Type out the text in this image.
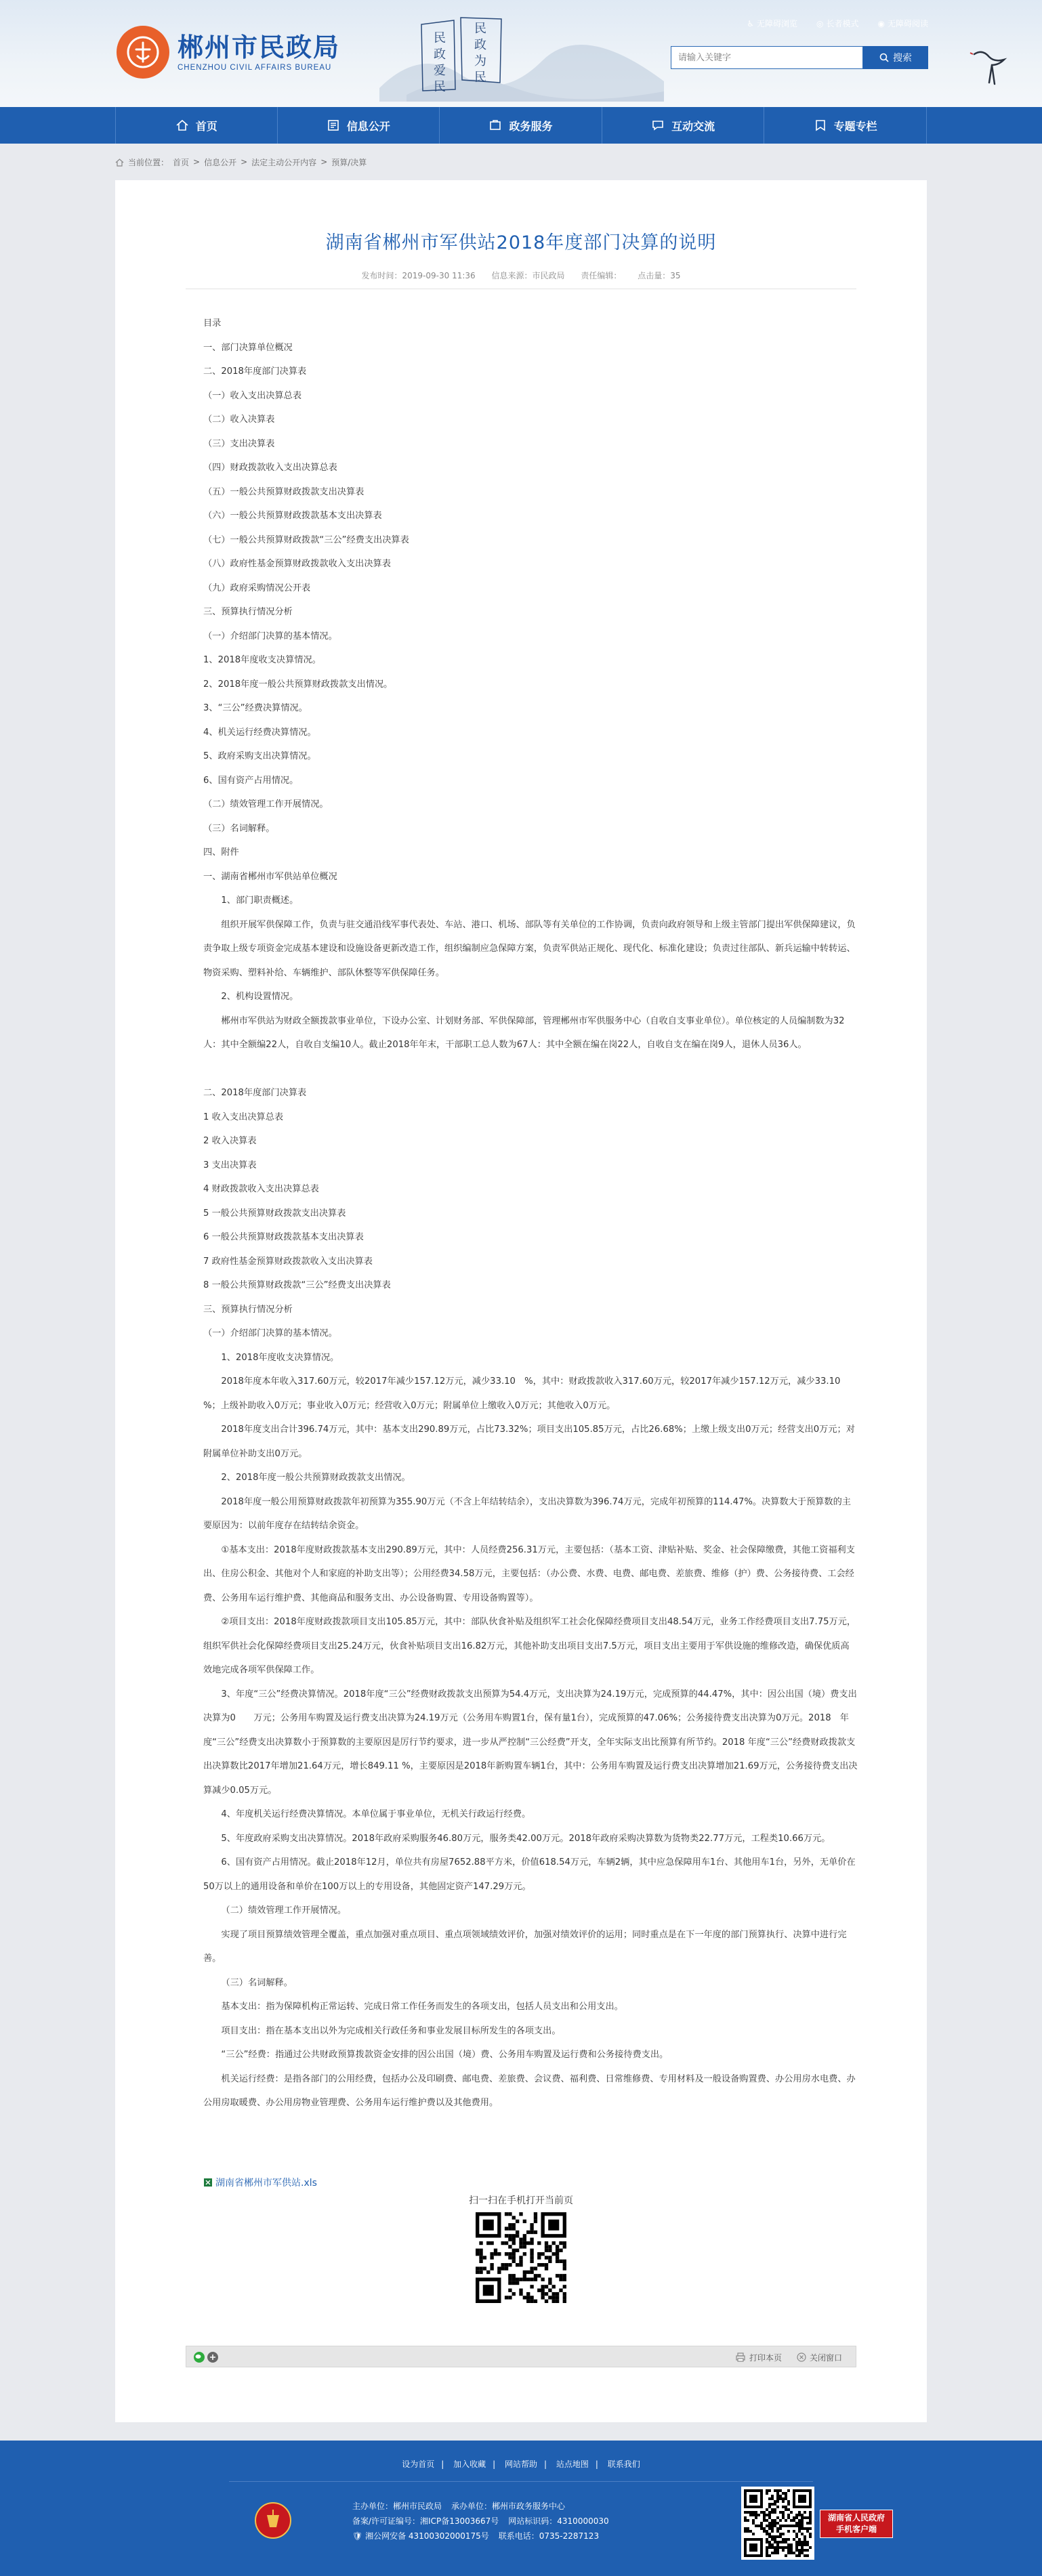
郴州市民政局
CHENZHOU CIVIL AFFAIRS BUREAU	民政为民
民政爱民
♿ 无障碍浏览 ◎ 长者模式 ◉ 无障碍阅读
请输入关键字
搜索
首页	信息公开	政务服务	互动交流	专题专栏
当前位置： 首页 > 信息公开 > 法定主动公开内容 > 预算/决算
湖南省郴州市军供站2018年度部门决算的说明
发布时间：2019-09-30 11:36 信息来源：市民政局 责任编辑： 点击量：35

目录

一、部门决算单位概况

二、2018年度部门决算表

（一）收入支出决算总表

（二）收入决算表

（三）支出决算表

（四）财政拨款收入支出决算总表

（五）一般公共预算财政拨款支出决算表

（六）一般公共预算财政拨款基本支出决算表

（七）一般公共预算财政拨款“三公”经费支出决算表

（八）政府性基金预算财政拨款收入支出决算表

（九）政府采购情况公开表

三、预算执行情况分析

（一）介绍部门决算的基本情况。

1、2018年度收支决算情况。

2、2018年度一般公共预算财政拨款支出情况。

3、“三公”经费决算情况。

4、机关运行经费决算情况。

5、政府采购支出决算情况。

6、国有资产占用情况。

（二）绩效管理工作开展情况。

（三）名词解释。

四、附件

一、湖南省郴州市军供站单位概况

1、部门职责概述。

组织开展军供保障工作，负责与驻交通沿线军事代表处、车站、港口、机场、部队等有关单位的工作协调，负责向政府领导和上级主管部门提出军供保障建议，负责争取上级专项资金完成基本建设和设施设备更新改造工作，组织编制应急保障方案，负责军供站正规化、现代化、标准化建设；负责过往部队、新兵运输中转转运、物资采购、塑料补给、车辆维护、部队休整等军供保障任务。

2、机构设置情况。

郴州市军供站为财政全额拨款事业单位，下设办公室、计划财务部、军供保障部，管理郴州市军供服务中心（自收自支事业单位）。单位核定的人员编制数为32人：其中全额编22人，自收自支编10人。截止2018年年末，干部职工总人数为67人：其中全额在编在岗22人，自收自支在编在岗9人，退休人员36人。

二、2018年度部门决算表

1 收入支出决算总表

2 收入决算表

3 支出决算表

4 财政拨款收入支出决算总表

5 一般公共预算财政拨款支出决算表

6 一般公共预算财政拨款基本支出决算表

7 政府性基金预算财政拨款收入支出决算表

8 一般公共预算财政拨款“三公”经费支出决算表

三、预算执行情况分析

（一）介绍部门决算的基本情况。

1、2018年度收支决算情况。

2018年度本年收入317.60万元，较2017年减少157.12万元，减少33.10　%，其中：财政拨款收入317.60万元，较2017年减少157.12万元，减少33.10 %；上级补助收入0万元；事业收入0万元；经营收入0万元；附属单位上缴收入0万元；其他收入0万元。

2018年度支出合计396.74万元，其中：基本支出290.89万元，占比73.32%；项目支出105.85万元，占比26.68%；上缴上级支出0万元；经营支出0万元；对附属单位补助支出0万元。

2、2018年度一般公共预算财政拨款支出情况。

2018年度一般公用预算财政拨款年初预算为355.90万元（不含上年结转结余），支出决算数为396.74万元，完成年初预算的114.47%。决算数大于预算数的主要原因为：以前年度存在结转结余资金。

①基本支出：2018年度财政拨款基本支出290.89万元，其中：人员经费256.31万元，主要包括：（基本工资、津贴补贴、奖金、社会保障缴费，其他工资福利支出、住房公积金、其他对个人和家庭的补助支出等）；公用经费34.58万元，主要包括：（办公费、水费、电费、邮电费、差旅费、维修（护）费、公务接待费、工会经费、公务用车运行维护费、其他商品和服务支出、办公设备购置、专用设备购置等）。

②项目支出：2018年度财政拨款项目支出105.85万元，其中：部队伙食补贴及组织军工社会化保障经费项目支出48.54万元，业务工作经费项目支出7.75万元，组织军供社会化保障经费项目支出25.24万元，伙食补贴项目支出16.82万元，其他补助支出项目支出7.5万元，项目支出主要用于军供设施的维修改造，确保优质高效地完成各项军供保障工作。

3、年度“三公”经费决算情况。2018年度“三公”经费财政拨款支出预算为54.4万元，支出决算为24.19万元，完成预算的44.47%，其中：因公出国（境）费支出决算为0　　万元；公务用车购置及运行费支出决算为24.19万元（公务用车购置1台，保有量1台），完成预算的47.06%；公务接待费支出决算为0万元。2018　年度“三公”经费支出决算数小于预算数的主要原因是厉行节约要求，进一步从严控制“三公经费”开支，全年实际支出比预算有所节约。2018 年度“三公”经费财政拨款支出决算数比2017年增加21.64万元，增长849.11 %，主要原因是2018年新购置车辆1台，其中：公务用车购置及运行费支出决算增加21.69万元，公务接待费支出决算减少0.05万元。

4、年度机关运行经费决算情况。本单位属于事业单位，无机关行政运行经费。

5、年度政府采购支出决算情况。2018年政府采购服务46.80万元，服务类42.00万元。2018年政府采购决算数为货物类22.77万元，工程类10.66万元。

6、国有资产占用情况。截止2018年12月，单位共有房屋7652.88平方米，价值618.54万元，车辆2辆，其中应急保障用车1台、其他用车1台，另外，无单价在50万以上的通用设备和单价在100万以上的专用设备，其他固定资产147.29万元。

（二）绩效管理工作开展情况。

实现了项目预算绩效管理全覆盖，重点加强对重点项目、重点项领域绩效评价，加强对绩效评价的运用；同时重点是在下一年度的部门预算执行、决算中进行完善。

（三）名词解释。

基本支出：指为保障机构正常运转、完成日常工作任务而发生的各项支出，包括人员支出和公用支出。

项目支出：指在基本支出以外为完成相关行政任务和事业发展目标所发生的各项支出。

“三公”经费：指通过公共财政预算拨款资金安排的因公出国（境）费、公务用车购置及运行费和公务接待费支出。

机关运行经费：是指各部门的公用经费，包括办公及印刷费、邮电费、差旅费、会议费、福利费、日常维修费、专用材料及一般设备购置费、办公用房水电费、办公用房取暖费、办公用房物业管理费、公务用车运行维护费以及其他费用。

湖南省郴州市军供站.xls
扫一扫在手机打开当前页
打印本页	关闭窗口
设为首页 | 加入收藏 | 网站帮助 | 站点地图 | 联系我们
主办单位：郴州市民政局 承办单位：郴州市政务服务中心
备案/许可证编号：湘ICP备13003667号 网站标识码：4310000030
🛡 湘公网安备 43100302000175号 联系电话：0735-2287123
湖南省人民政府
手机客户端
